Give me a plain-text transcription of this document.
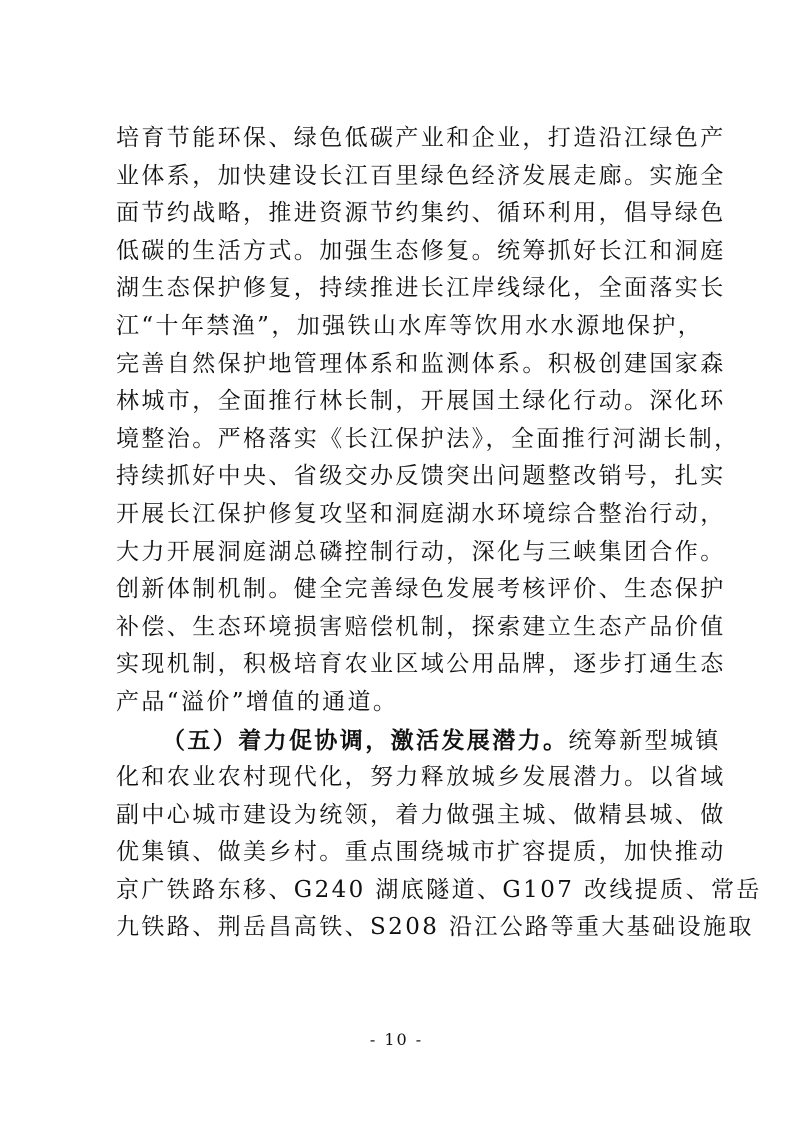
培育节能环保、绿色低碳产业和企业，打造沿江绿色产
业体系，加快建设长江百里绿色经济发展走廊。实施全
面节约战略，推进资源节约集约、循环利用，倡导绿色
低碳的生活方式。加强生态修复。统筹抓好长江和洞庭
湖生态保护修复，持续推进长江岸线绿化，全面落实长
江“十年禁渔”，加强铁山水库等饮用水水源地保护，
完善自然保护地管理体系和监测体系。积极创建国家森
林城市，全面推行林长制，开展国土绿化行动。深化环
境整治。严格落实《长江保护法》，全面推行河湖长制，
持续抓好中央、省级交办反馈突出问题整改销号，扎实
开展长江保护修复攻坚和洞庭湖水环境综合整治行动，
大力开展洞庭湖总磷控制行动，深化与三峡集团合作。
创新体制机制。健全完善绿色发展考核评价、生态保护
补偿、生态环境损害赔偿机制，探索建立生态产品价值
实现机制，积极培育农业区域公用品牌，逐步打通生态
产品“溢价”增值的通道。
（五）着力促协调，激活发展潜力。统筹新型城镇
化和农业农村现代化，努力释放城乡发展潜力。以省域
副中心城市建设为统领，着力做强主城、做精县城、做
优集镇、做美乡村。重点围绕城市扩容提质，加快推动
京广铁路东移、G240 湖底隧道、G107 改线提质、常岳
九铁路、荆岳昌高铁、S208 沿江公路等重大基础设施取
- 10 -
